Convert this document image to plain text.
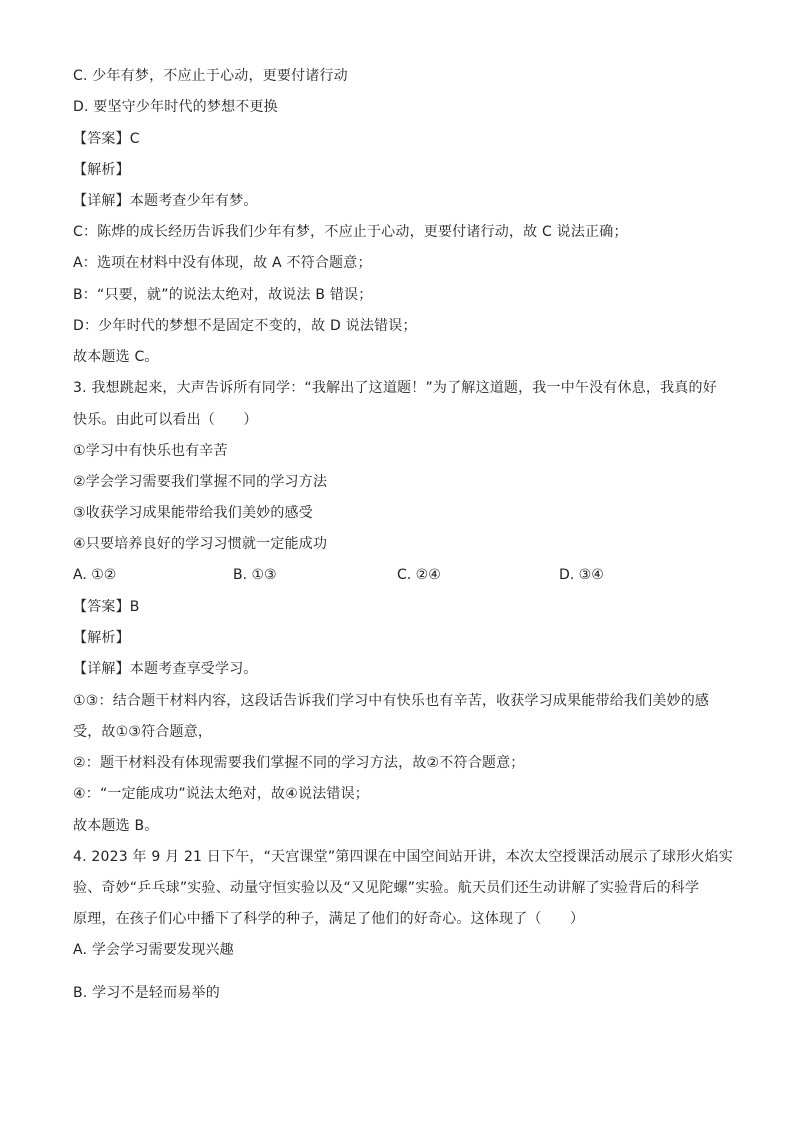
C. 少年有梦，不应止于心动，更要付诸行动
D. 要坚守少年时代的梦想不更换
【答案】C
【解析】
【详解】本题考查少年有梦。
C：陈烨的成长经历告诉我们少年有梦，不应止于心动，更要付诸行动，故 C 说法正确；
A：选项在材料中没有体现，故 A 不符合题意；
B：“只要，就”的说法太绝对，故说法 B 错误；
D：少年时代的梦想不是固定不变的，故 D 说法错误；
故本题选 C。
3. 我想跳起来，大声告诉所有同学：“我解出了这道题！”为了解这道题，我一中午没有休息，我真的好
快乐。由此可以看出（　　）
①学习中有快乐也有辛苦
②学会学习需要我们掌握不同的学习方法
③收获学习成果能带给我们美妙的感受
④只要培养良好的学习习惯就一定能成功
A. ①②	B. ①③	C. ②④	D. ③④
【答案】B
【解析】
【详解】本题考查享受学习。
①③：结合题干材料内容，这段话告诉我们学习中有快乐也有辛苦，收获学习成果能带给我们美妙的感
受，故①③符合题意，
②：题干材料没有体现需要我们掌握不同的学习方法，故②不符合题意；
④：“一定能成功”说法太绝对，故④说法错误；
故本题选 B。
4. 2023 年 9 月 21 日下午，“天宫课堂”第四课在中国空间站开讲，本次太空授课活动展示了球形火焰实
验、奇妙“乒乓球”实验、动量守恒实验以及“又见陀螺”实验。航天员们还生动讲解了实验背后的科学
原理，在孩子们心中播下了科学的种子，满足了他们的好奇心。这体现了（　　）
A. 学会学习需要发现兴趣
B. 学习不是轻而易举的
